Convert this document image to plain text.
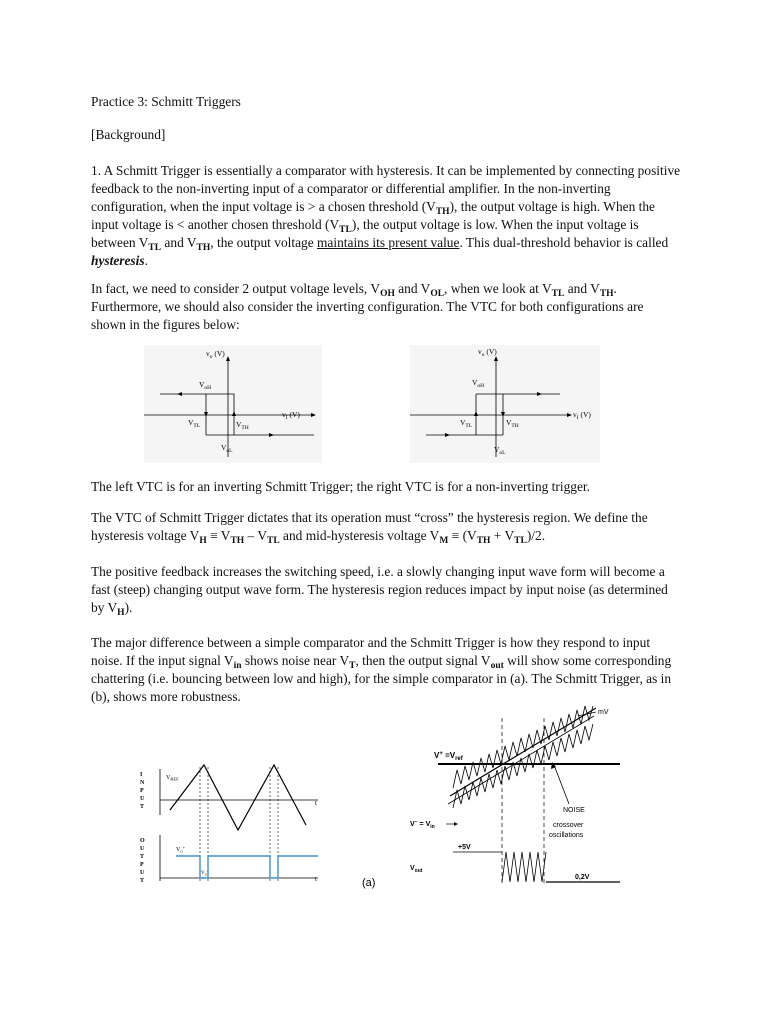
Practice 3: Schmitt Triggers

[Background]

1. A Schmitt Trigger is essentially a comparator with hysteresis. It can be implemented by connecting positive feedback to the non-inverting input of a comparator or differential amplifier. In the non-inverting configuration, when the input voltage is > a chosen threshold $(V_{TH})$, the output voltage is high. When the input voltage is < another chosen threshold $(V_{TL})$, the output voltage is low. When the input voltage is between $V_{TL}$ and $V_{TH}$, the output voltage maintains its present value. This dual-threshold behavior is called hysteresis.

In fact, we need to consider 2 output voltage levels, $V_{OH}$ and $V_{OL}$, when we look at $V_{TL}$ and $V_{TH}$. Furthermore, we should also consider the inverting configuration. The VTC for both configurations are shown in the figures below:

$v_o$ (V)
$v_I$ (V)
$V_{oH}$
$V_{TL}$	$V_{TH}$
$V_{oL}$
$v_o$ (V)
$v_I$ (V)
$V_{oH}$
$V_{TL}$	$V_{TH}$
$V_{oL}$

The left VTC is for an inverting Schmitt Trigger; the right VTC is for a non-inverting trigger.

The VTC of Schmitt Trigger dictates that its operation must “cross” the hysteresis region. We define the hysteresis voltage $V_H \equiv V_{TH} - V_{TL}$ and mid-hysteresis voltage $V_M \equiv (V_{TH} + V_{TL})/2$.

The positive feedback increases the switching speed, i.e. a slowly changing input wave form will become a fast (steep) changing output wave form. The hysteresis region reduces impact by input noise (as determined by $V_H$).

The major difference between a simple comparator and the Schmitt Trigger is how they respond to input noise. If the input signal $V_{in}$ shows noise near $V_T$, then the output signal $V_{out}$ will show some corresponding chattering (i.e. bouncing between low and high), for the simple comparator in (a). The Schmitt Trigger, as in (b), shows more robustness.

I
N
P
U
T
O
U
T
P
U
T
$V_{REF}$
t
$V_o^+$
$V_o^-$
t	(a)
mV
$V^+ =V_{ref}$
$V^- = V_{in}$
NOISE
crossover
oscillations
+5V
$V_{out}$
0,2V
